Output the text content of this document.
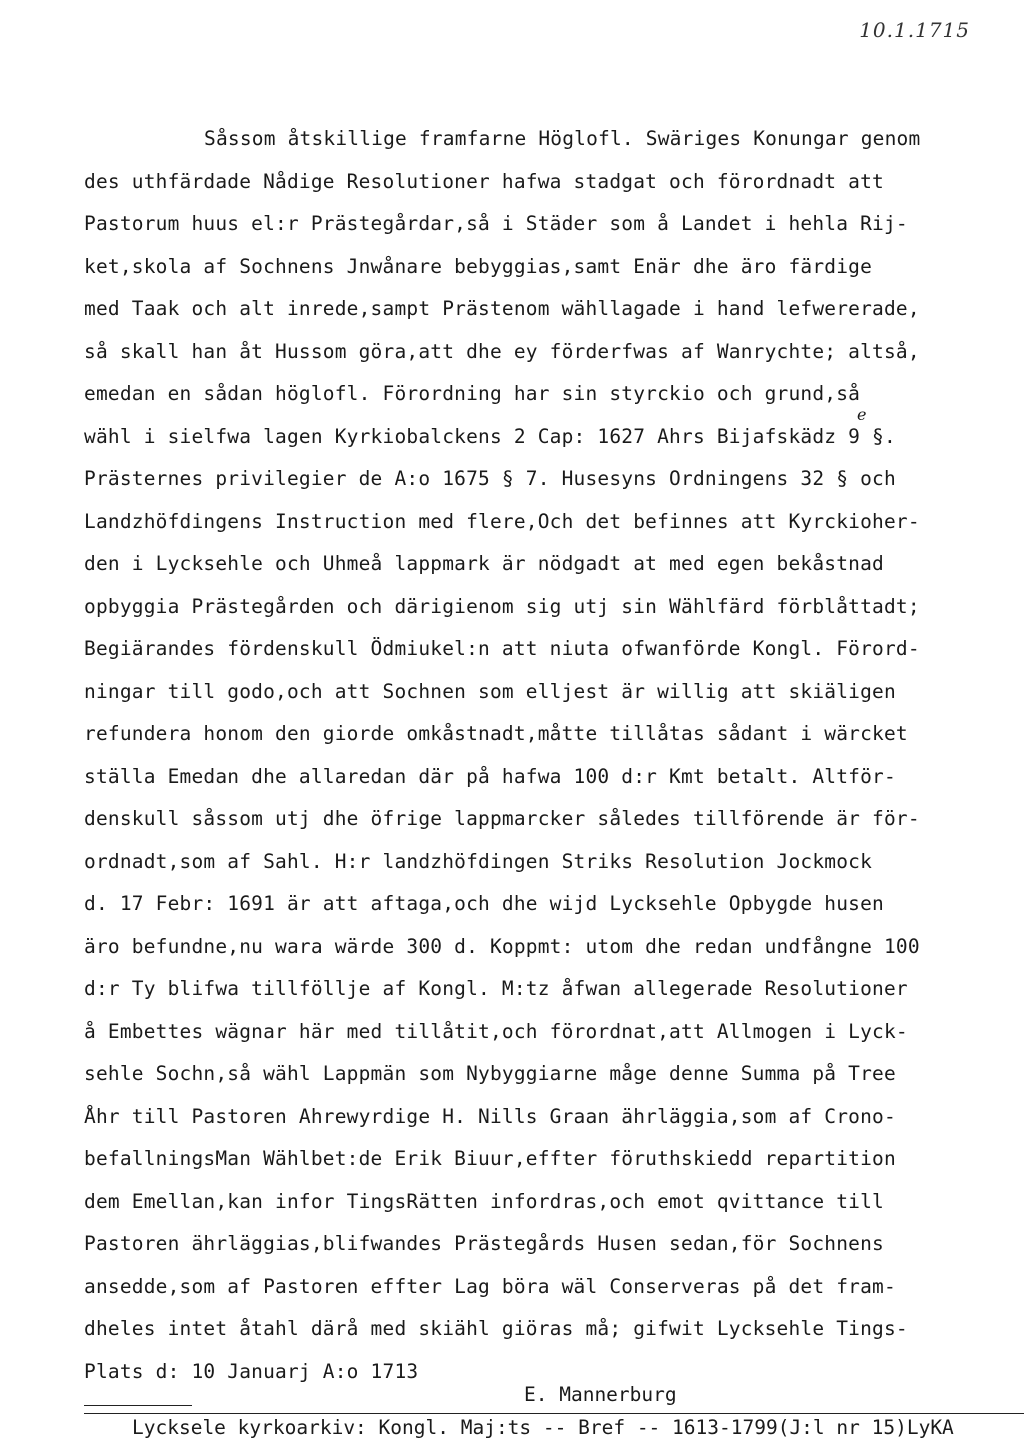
10.1.1715
Såssom åtskillige framfarne Höglofl. Swäriges Konungar genom
des uthfärdade Nådige Resolutioner hafwa stadgat och förordnadt att
Pastorum huus el:r Prästegårdar,så i Städer som å Landet i hehla Rij-
ket,skola af Sochnens Jnwånare bebyggias,samt Enär dhe äro färdige
med Taak och alt inrede,sampt Prästenom wähllagade i hand lefwererade,
så skall han åt Hussom göra,att dhe ey förderfwas af Wanrychte; altså,
emedan en sådan höglofl. Förordning har sin styrckio och grund,så
wähl i sielfwa lagen Kyrkiobalckens 2 Cap: 1627 Ahrs Bijafskädz 9 §.
Prästernes privilegier de A:o 1675 § 7. Husesyns Ordningens 32 § och
Landzhöfdingens Instruction med flere,Och det befinnes att Kyrckioher-
den i Lycksehle och Uhmeå lappmark är nödgadt at med egen bekåstnad
opbyggia Prästegården och därigienom sig utj sin Wählfärd förblåttadt;
Begiärandes fördenskull Ödmiukel:n att niuta ofwanförde Kongl. Förord-
ningar till godo,och att Sochnen som elljest är willig att skiäligen
refundera honom den giorde omkåstnadt,måtte tillåtas sådant i wärcket
ställa Emedan dhe allaredan där på hafwa 100 d:r Kmt betalt. Altför-
denskull såssom utj dhe öfrige lappmarcker således tillförende är för-
ordnadt,som af Sahl. H:r landzhöfdingen Striks Resolution Jockmock
d. 17 Febr: 1691 är att aftaga,och dhe wijd Lycksehle Opbygde husen
äro befundne,nu wara wärde 300 d. Koppmt: utom dhe redan undfångne 100
d:r Ty blifwa tillföllje af Kongl. M:tz åfwan allegerade Resolutioner
å Embettes wägnar här med tillåtit,och förordnat,att Allmogen i Lyck-
sehle Sochn,så wähl Lappmän som Nybyggiarne måge denne Summa på Tree
Åhr till Pastoren Ahrewyrdige H. Nills Graan ährläggia,som af Crono-
befallningsMan Wählbet:de Erik Biuur,effter föruthskiedd repartition
dem Emellan,kan infor TingsRätten infordras,och emot qvittance till
Pastoren ährläggias,blifwandes Prästegårds Husen sedan,för Sochnens
ansedde,som af Pastoren effter Lag böra wäl Conserveras på det fram-
dheles intet åtahl därå med skiähl giöras må; gifwit Lycksehle Tings-
Plats d: 10 Januarj A:o 1713
e
E. Mannerburg
Lycksele kyrkoarkiv: Kongl. Maj:ts -- Bref -- 1613-1799(J:l nr 15)LyKA
